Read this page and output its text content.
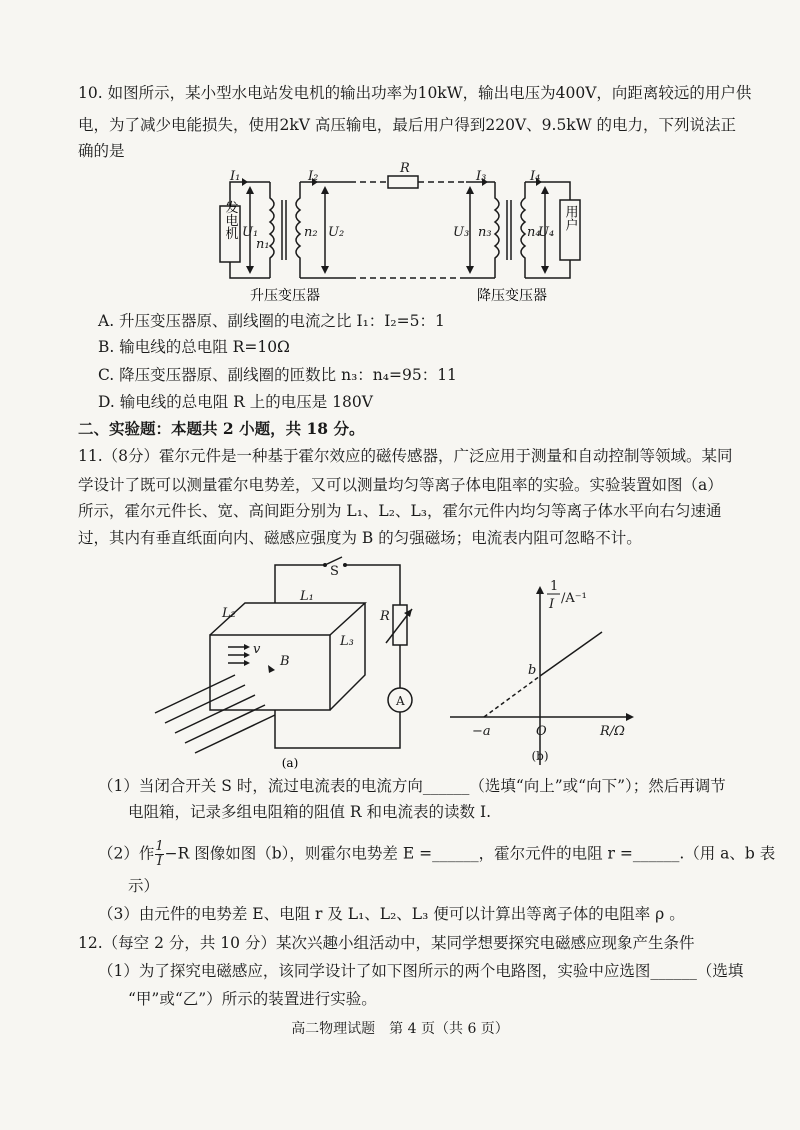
10. 如图所示，某小型水电站发电机的输出功率为10kW，输出电压为400V，向距离较远的用户供
电，为了减少电能损失，使用2kV 高压输电，最后用户得到220V、9.5kW 的电力，下列说法正
确的是
R
I₁	I₂	I₃	I₄
U₁	U₂	U₃	U₄
n₁
n₂	n₃	n₄
发电机	用户
升压变压器	降压变压器
A. 升压变压器原、副线圈的电流之比 I₁：I₂=5：1
B. 输电线的总电阻 R=10Ω
C. 降压变压器原、副线圈的匝数比 n₃：n₄=95：11
D. 输电线的总电阻 R 上的电压是 180V
二、实验题：本题共 2 小题，共 18 分。
11.（8分）霍尔元件是一种基于霍尔效应的磁传感器，广泛应用于测量和自动控制等领域。某同
学设计了既可以测量霍尔电势差，又可以测量均匀等离子体电阻率的实验。实验装置如图（a）
所示，霍尔元件长、宽、高间距分别为 L₁、L₂、L₃，霍尔元件内均匀等离子体水平向右匀速通
过，其内有垂直纸面向内、磁感应强度为 B 的匀强磁场；电流表内阻可忽略不计。
S
R
A
L₁
L₂
L₃
v
B
(a)
1
I /A⁻¹
R/Ω
O
b
−a
(b)
（1）当闭合开关 S 时，流过电流表的电流方向______（选填“向上”或“向下”）；然后再调节
电阻箱，记录多组电阻箱的阻值 R 和电流表的读数 I.
（2）作 $\frac{1}{I} -R$ 图像如图（b），则霍尔电势差 E =______，霍尔元件的电阻 r =______.（用 a、b 表
示）
（3）由元件的电势差 E、电阻 r 及 L₁、L₂、L₃ 便可以计算出等离子体的电阻率 ρ 。
12.（每空 2 分，共 10 分）某次兴趣小组活动中，某同学想要探究电磁感应现象产生条件
（1）为了探究电磁感应，该同学设计了如下图所示的两个电路图，实验中应选图______（选填
“甲”或“乙”）所示的装置进行实验。
高二物理试题　第 4 页（共 6 页）
